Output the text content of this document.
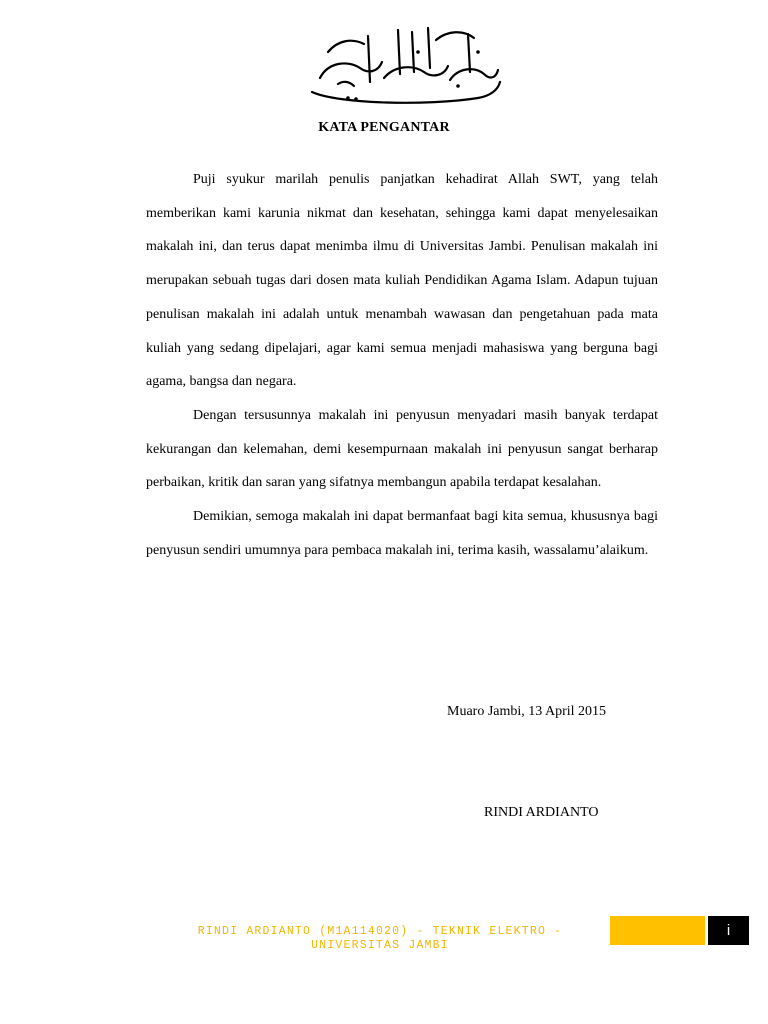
KATA PENGANTAR

Puji syukur marilah penulis panjatkan kehadirat Allah SWT, yang telah memberikan kami karunia nikmat dan kesehatan, sehingga kami dapat menyelesaikan makalah ini, dan terus dapat menimba ilmu di Universitas Jambi. Penulisan makalah ini merupakan sebuah tugas dari dosen mata kuliah Pendidikan Agama Islam. Adapun tujuan penulisan makalah ini adalah untuk menambah wawasan dan pengetahuan pada mata kuliah yang sedang dipelajari, agar kami semua menjadi mahasiswa yang berguna bagi agama, bangsa dan negara.

Dengan tersusunnya makalah ini penyusun menyadari masih banyak terdapat kekurangan dan kelemahan, demi kesempurnaan makalah ini penyusun sangat berharap perbaikan, kritik dan saran yang sifatnya membangun apabila terdapat kesalahan.

Demikian, semoga makalah ini dapat bermanfaat bagi kita semua, khususnya bagi penyusun sendiri umumnya para pembaca makalah ini, terima kasih, wassalamu’alaikum.

Muaro Jambi, 13 April 2015
RINDI ARDIANTO
RINDI ARDIANTO (M1A114020) - TEKNIK ELEKTRO - UNIVERSITAS JAMBI
i
